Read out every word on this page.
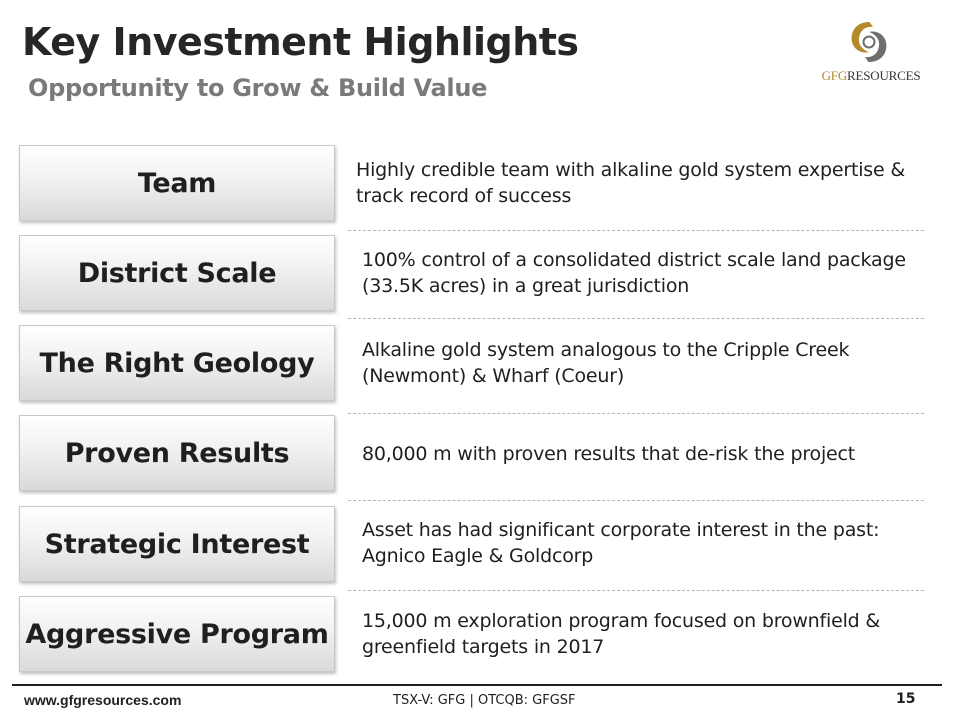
Key Investment Highlights
Opportunity to Grow & Build Value	GFGRESOURCES
Team	Highly credible team with alkaline gold system expertise & track record of success
District Scale	100% control of a consolidated district scale land package (33.5K acres) in a great jurisdiction
The Right Geology	Alkaline gold system analogous to the Cripple Creek (Newmont) & Wharf (Coeur)
Proven Results	80,000 m with proven results that de-risk the project
Strategic Interest	Asset has had significant corporate interest in the past: Agnico Eagle & Goldcorp
Aggressive Program 15,000 m exploration program focused on brownfield & greenfield targets in 2017
www.gfgresources.com	TSX-V: GFG | OTCQB: GFGSF	15
